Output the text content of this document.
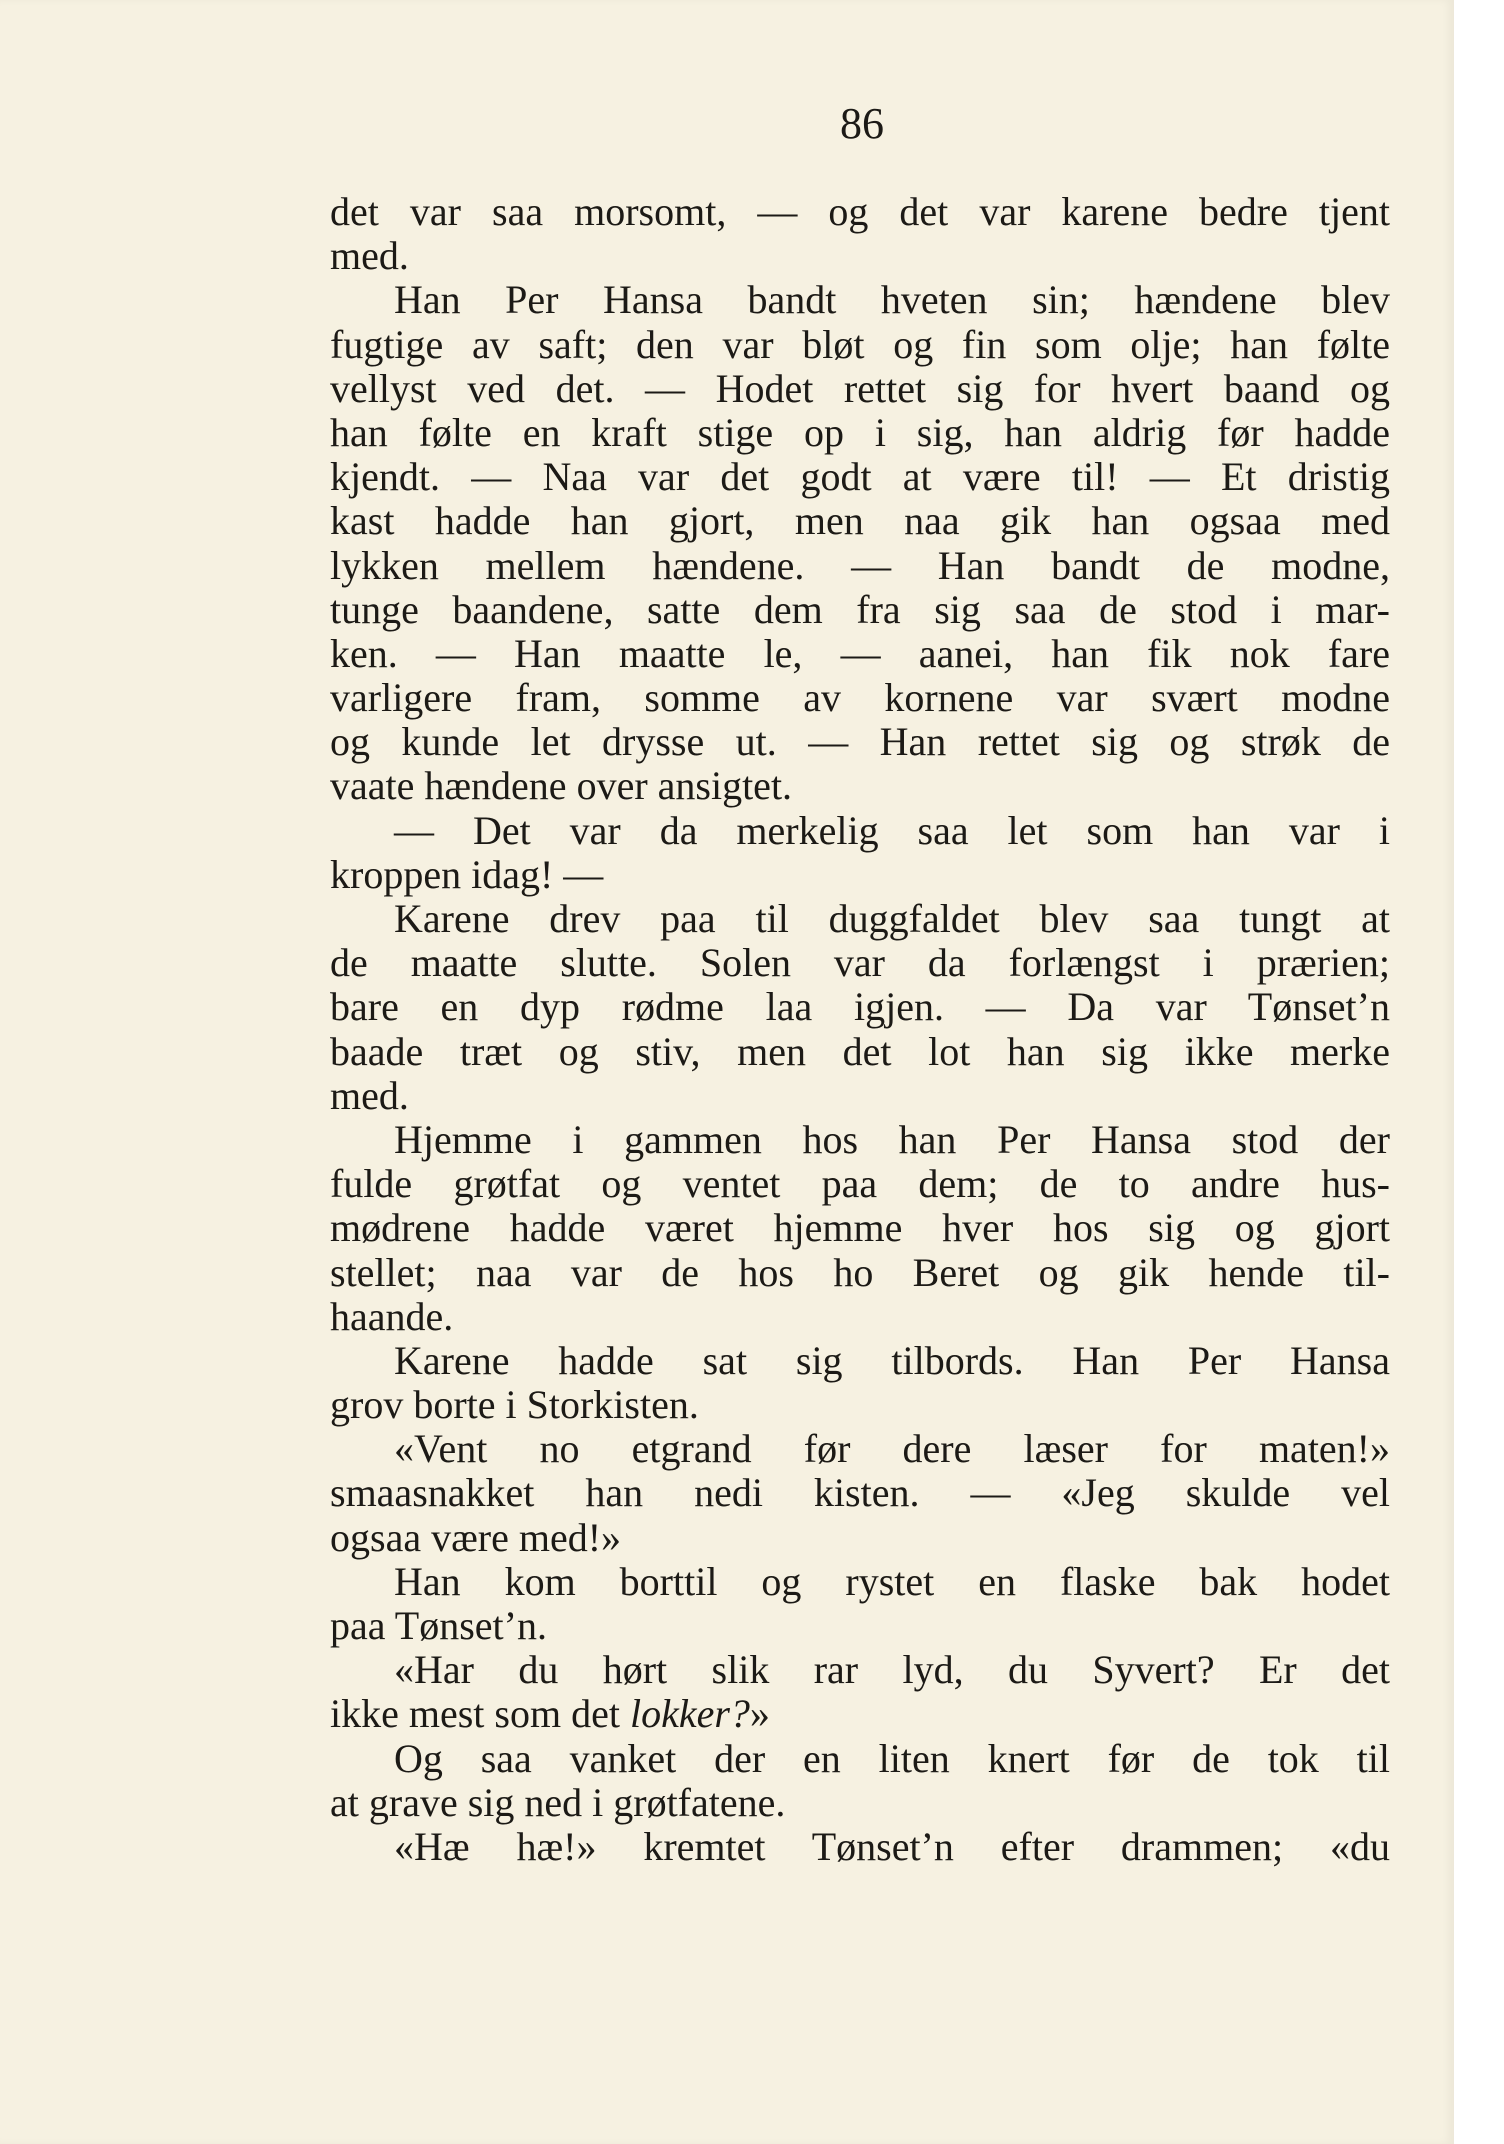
86
det var saa morsomt, — og det var karene bedre tjent
med.
Han Per Hansa bandt hveten sin; hændene blev
fugtige av saft; den var bløt og fin som olje; han følte
vellyst ved det. — Hodet rettet sig for hvert baand og
han følte en kraft stige op i sig, han aldrig før hadde
kjendt. — Naa var det godt at være til! — Et dristig
kast hadde han gjort, men naa gik han ogsaa med
lykken mellem hændene. — Han bandt de modne,
tunge baandene, satte dem fra sig saa de stod i mar-
ken. — Han maatte le, — aanei, han fik nok fare
varligere fram, somme av kornene var svært modne
og kunde let drysse ut. — Han rettet sig og strøk de
vaate hændene over ansigtet.
— Det var da merkelig saa let som han var i
kroppen idag! —
Karene drev paa til duggfaldet blev saa tungt at
de maatte slutte. Solen var da forlængst i prærien;
bare en dyp rødme laa igjen. — Da var Tønset’n
baade træt og stiv, men det lot han sig ikke merke
med.
Hjemme i gammen hos han Per Hansa stod der
fulde grøtfat og ventet paa dem; de to andre hus-
mødrene hadde været hjemme hver hos sig og gjort
stellet; naa var de hos ho Beret og gik hende til-
haande.
Karene hadde sat sig tilbords. Han Per Hansa
grov borte i Storkisten.
«Vent no etgrand før dere læser for maten!»
smaasnakket han nedi kisten. — «Jeg skulde vel
ogsaa være med!»
Han kom borttil og rystet en flaske bak hodet
paa Tønset’n.
«Har du hørt slik rar lyd, du Syvert? Er det
ikke mest som det lokker?»
Og saa vanket der en liten knert før de tok til
at grave sig ned i grøtfatene.
«Hæ hæ!» kremtet Tønset’n efter drammen; «du
